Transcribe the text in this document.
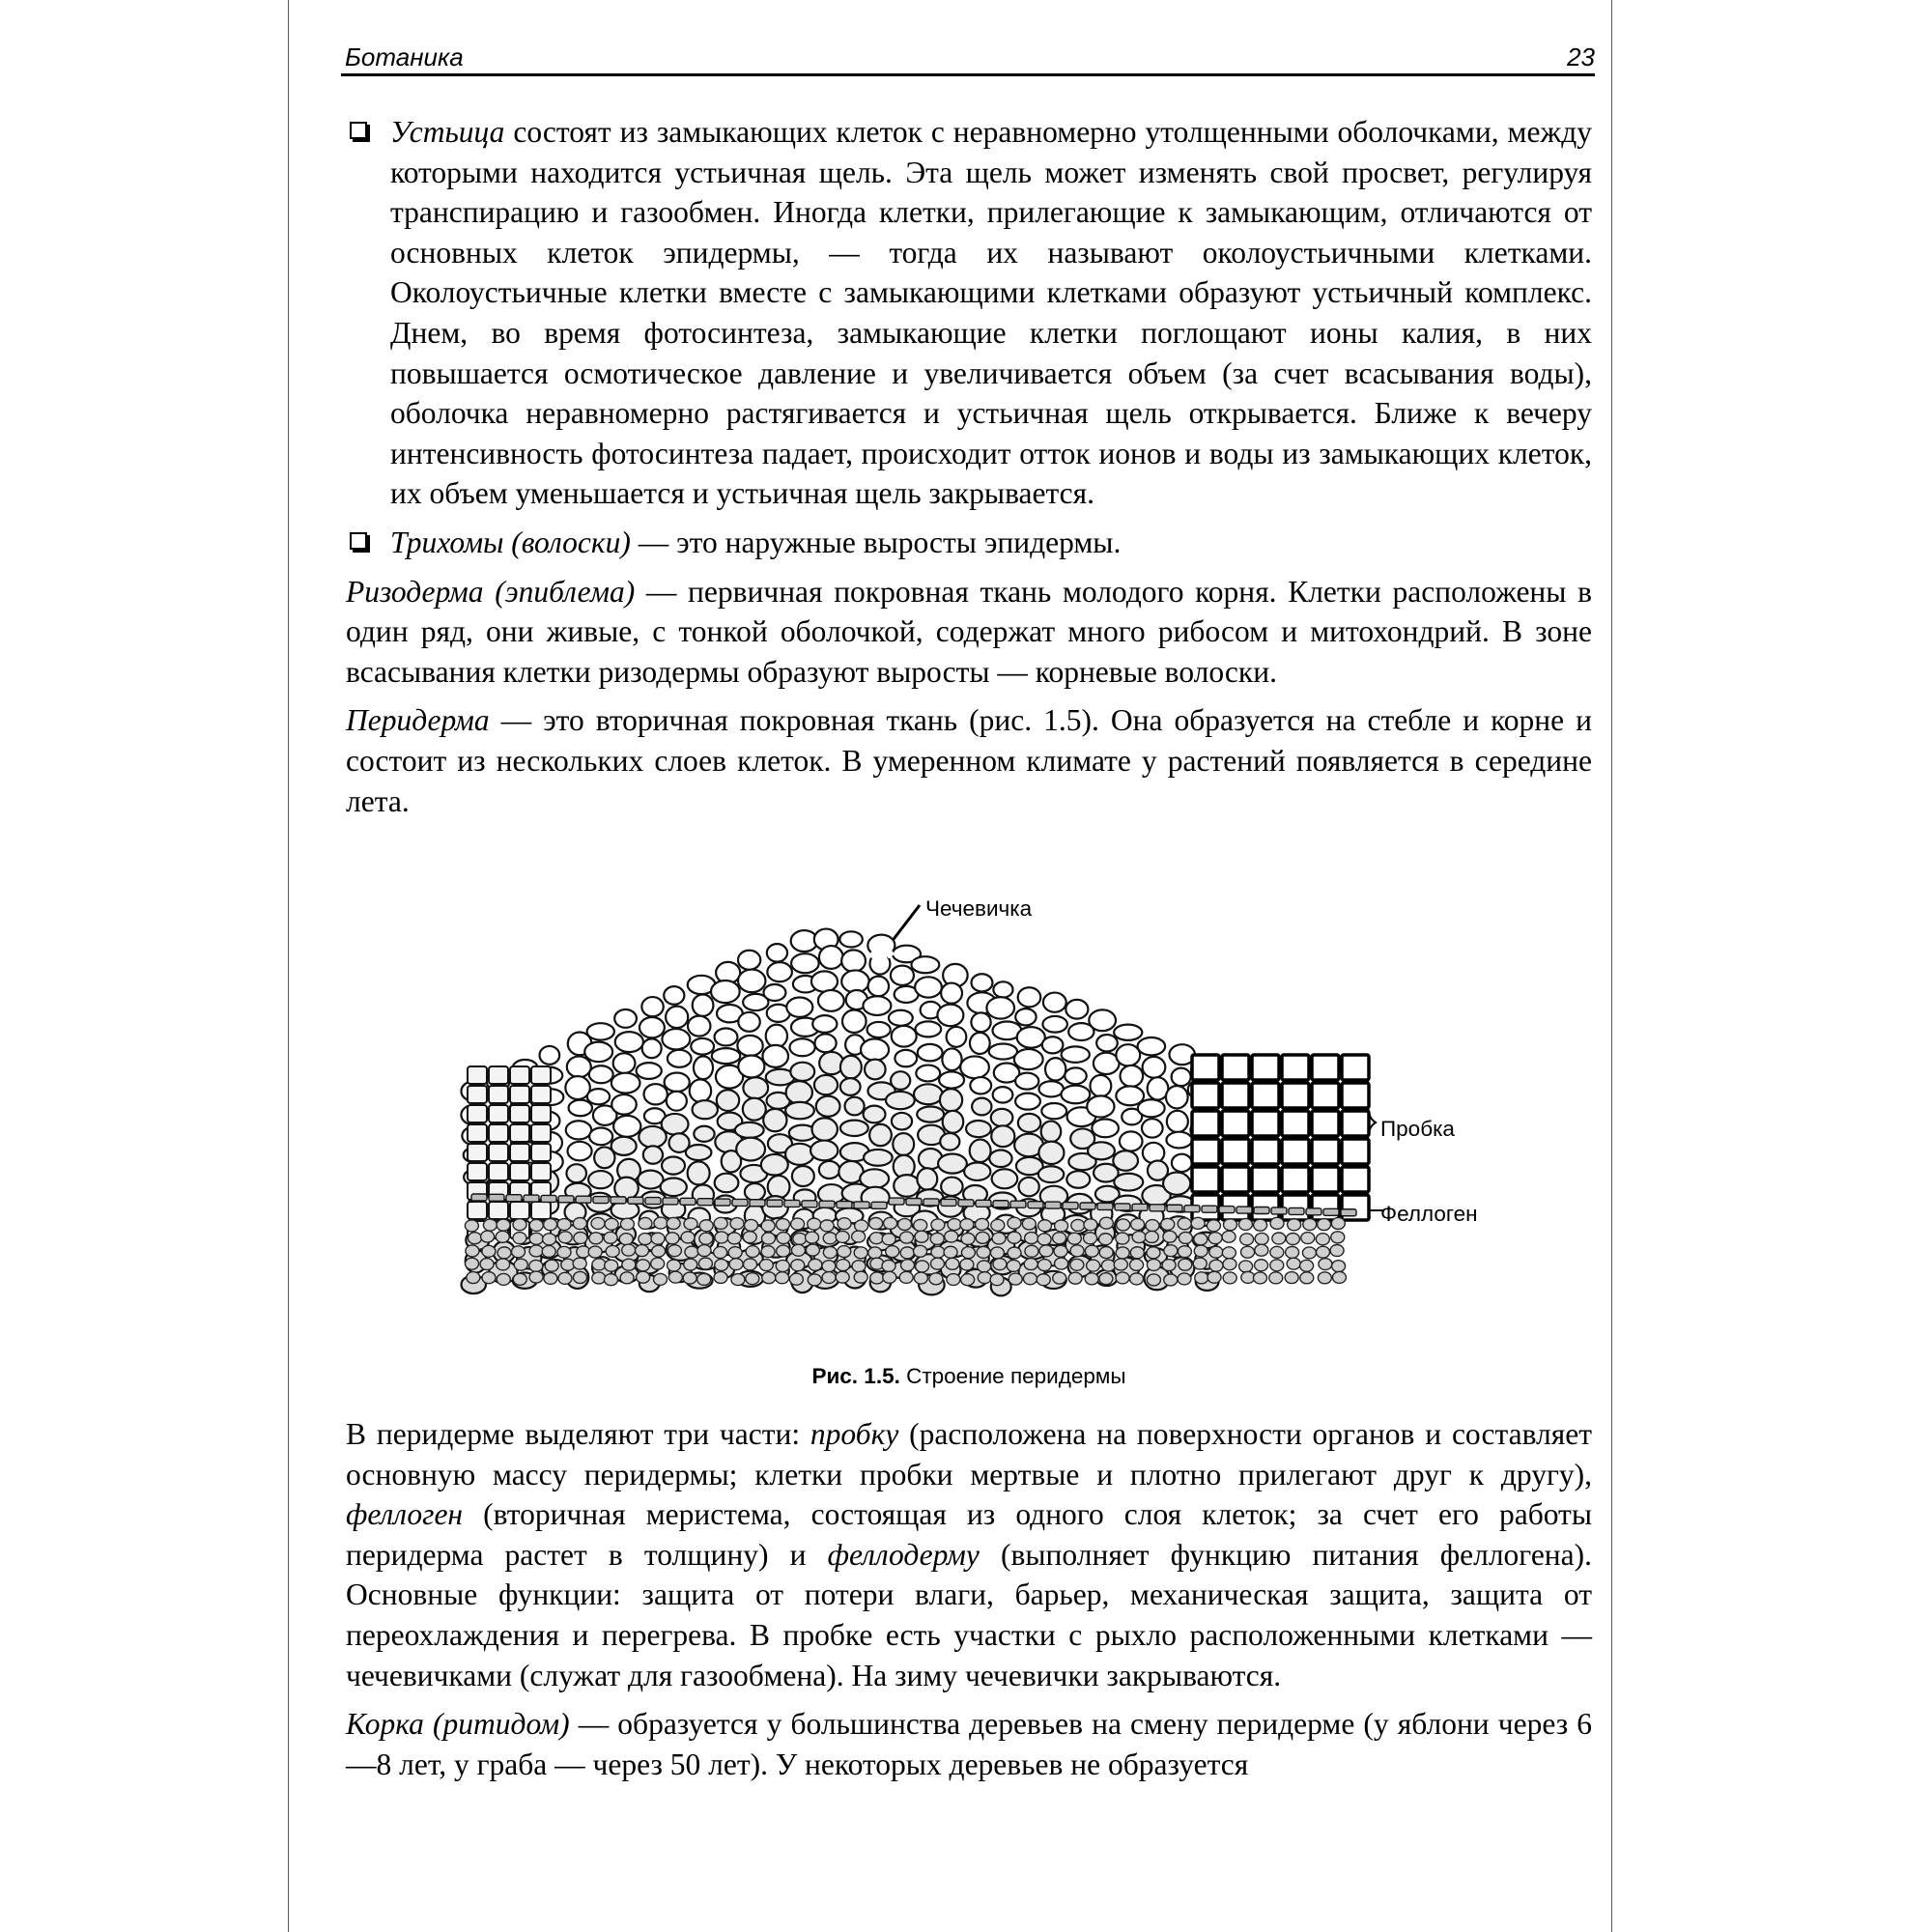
Ботаника	23
Устьица состоят из замыкающих клеток с неравномерно утолщенными оболочками, между которыми находится устьичная щель. Эта щель может изменять свой просвет, регулируя транспирацию и газообмен. Иногда клетки, прилегающие к замыкающим, отличаются от основных клеток эпидермы, — тогда их называют околоустьичными клетками. Околоустьичные клетки вместе с замыкающими клетками образуют устьичный комплекс. Днем, во время фотосинтеза, замыкающие клетки поглощают ионы калия, в них повышается осмотическое давление и увеличивается объем (за счет всасывания воды), оболочка неравномерно растягивается и устьичная щель открывается. Ближе к вечеру интенсивность фотосинтеза падает, происходит отток ионов и воды из замыкающих клеток, их объем уменьшается и устьичная щель закрывается.
Трихомы (волоски) — это наружные выросты эпидермы.

Ризодерма (эпиблема) — первичная покровная ткань молодого корня. Клетки расположены в один ряд, они живые, с тонкой оболочкой, содержат много рибосом и митохондрий. В зоне всасывания клетки ризодермы образуют выросты — корневые волоски.

Перидерма — это вторичная покровная ткань (рис. 1.5). Она образуется на стебле и корне и состоит из нескольких слоев клеток. В умеренном климате у растений появляется в середине лета.

Чечевичка
Пробка
Феллоген
Рис. 1.5. Строение перидермы

В перидерме выделяют три части: пробку (расположена на поверхности органов и составляет основную массу перидермы; клетки пробки мертвые и плотно прилегают друг к другу), феллоген (вторичная меристема, состоящая из одного слоя клеток; за счет его работы перидерма растет в толщину) и феллодерму (выполняет функцию питания феллогена). Основные функции: защита от потери влаги, барьер, механическая защита, защита от переохлаждения и перегрева. В пробке есть участки с рыхло расположенными клетками — чечевичками (служат для газообмена). На зиму чечевички закрываются.

Корка (ритидом) — образуется у большинства деревьев на смену перидерме (у яблони через 6—8 лет, у граба — через 50 лет). У некоторых деревьев не образуется
